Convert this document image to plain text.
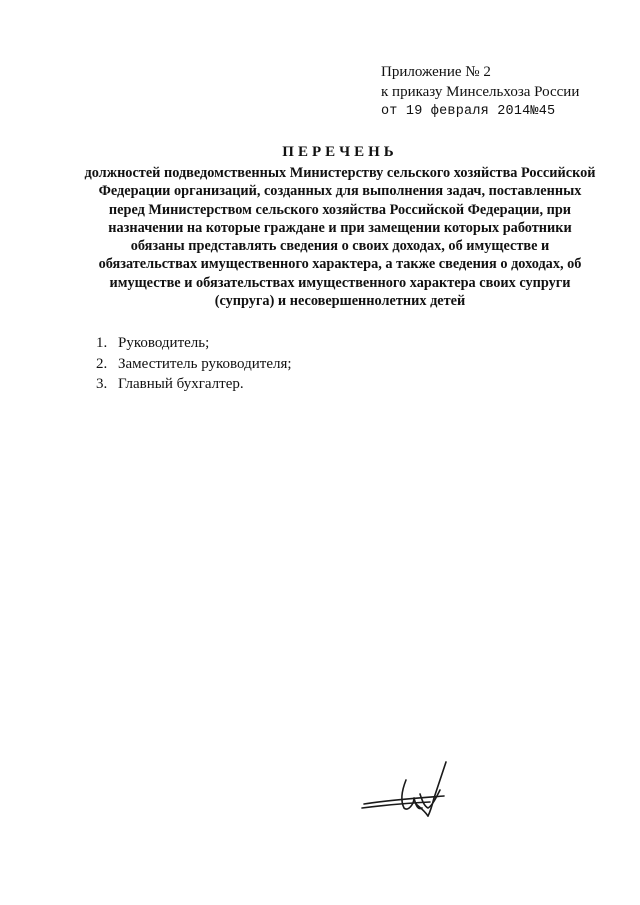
Приложение № 2
к приказу Минсельхоза России
от 19 февраля 2014№45
ПЕРЕЧЕНЬ
должностей подведомственных Министерству сельского хозяйства Российской
Федерации организаций, созданных для выполнения задач, поставленных
перед Министерством сельского хозяйства Российской Федерации, при
назначении на которые граждане и при замещении которых работники
обязаны представлять сведения о своих доходах, об имуществе и
обязательствах имущественного характера, а также сведения о доходах, об
имуществе и обязательствах имущественного характера своих супруги
(супруга) и несовершеннолетних детей
1. Руководитель;
2. Заместитель руководителя;
3. Главный бухгалтер.
